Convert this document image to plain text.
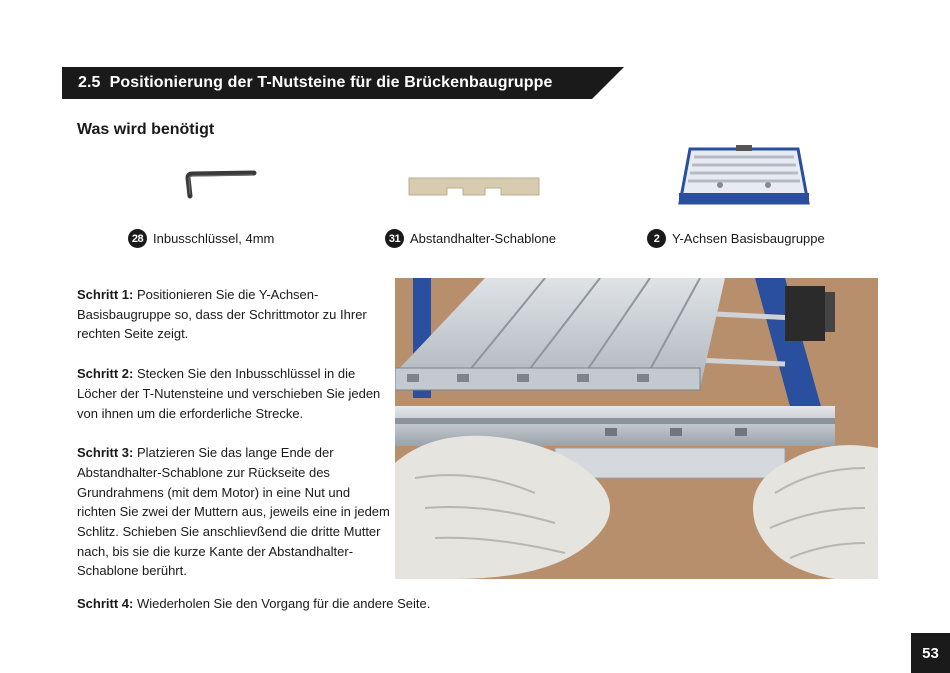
2.5 Positionierung der T-Nutsteine für die Brückenbaugruppe
Was wird benötigt
28 Inbusschlüssel, 4mm	31 Abstandhalter-Schablone	2 Y-Achsen Basisbaugruppe

Schritt 1: Positionieren Sie die Y-Achsen-Basisbaugruppe so, dass der Schrittmotor zu Ihrer rechten Seite zeigt.

Schritt 2: Stecken Sie den Inbusschlüssel in die Löcher der T-Nutensteine und verschieben Sie jeden von ihnen um die erforderliche Strecke.

Schritt 3: Platzieren Sie das lange Ende der Abstandhalter-Schablone zur Rückseite des Grundrahmens (mit dem Motor) in eine Nut und richten Sie zwei der Muttern aus, jeweils eine in jedem Schlitz. Schieben Sie anschlievßend die dritte Mutter nach, bis sie die kurze Kante der Abstandhalter-Schablone berührt.

Schritt 4: Wiederholen Sie den Vorgang für die andere Seite.

53
